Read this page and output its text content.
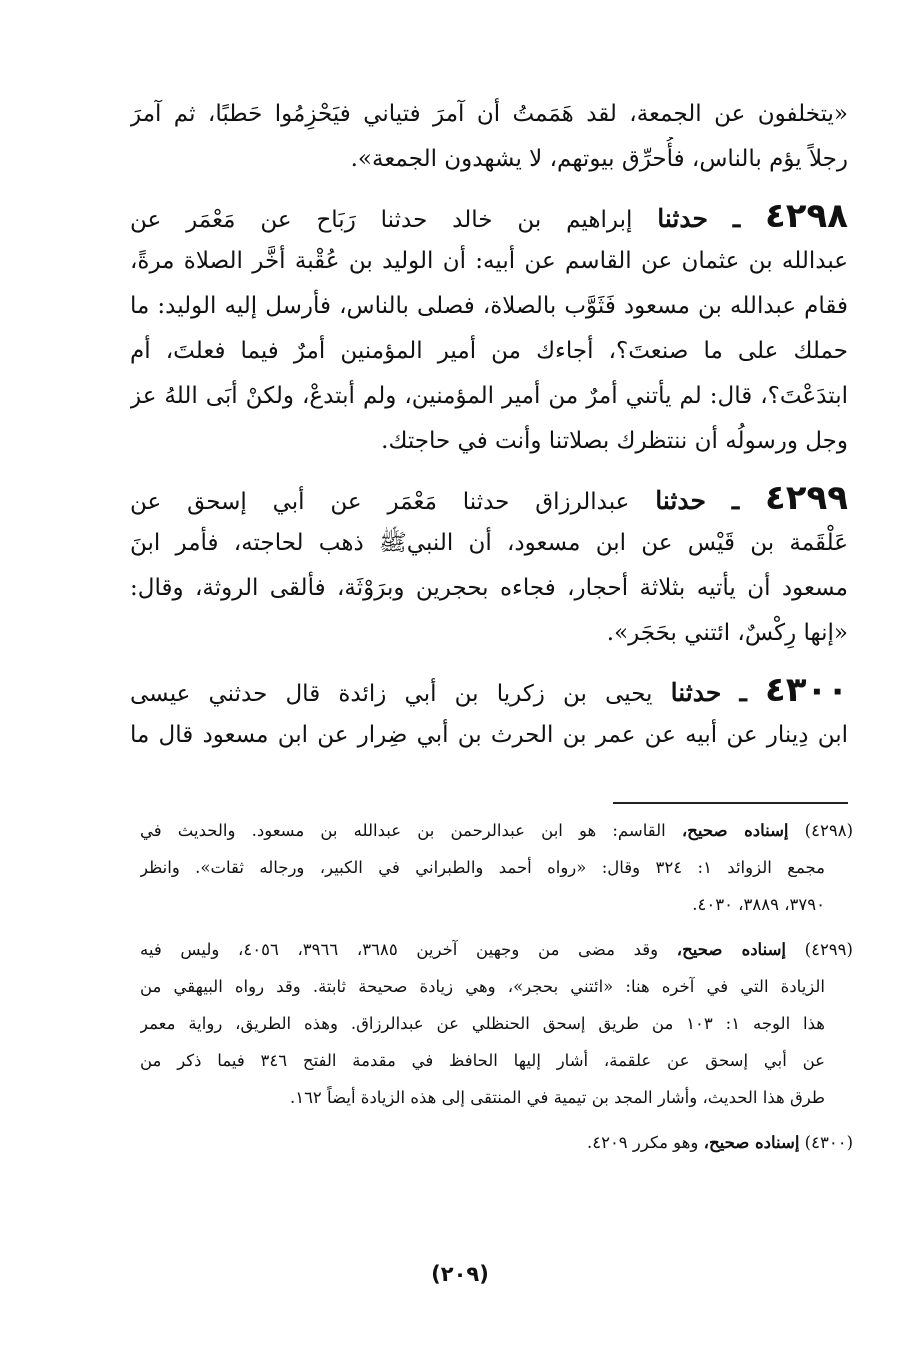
«يتخلفون عن الجمعة، لقد هَمَمتُ أن آمرَ فتياني فيَحْزِمُوا حَطبًا، ثم آمرَ
رجلاً يؤم بالناس، فأُحرِّق بيوتهم، لا يشهدون الجمعة».
٤٢٩٨ ـ حدثنا إبراهيم بن خالد حدثنا رَبَاح عن مَعْمَر عن
عبدالله بن عثمان عن القاسم عن أبيه: أن الوليد بن عُقْبة أخَّر الصلاة مرةً،
فقام عبدالله بن مسعود فَثَوَّب بالصلاة، فصلى بالناس، فأرسل إليه الوليد: ما
حملك على ما صنعتَ؟، أجاءك من أمير المؤمنين أمرٌ فيما فعلتَ، أم
ابتدَعْتَ؟، قال: لم يأتني أمرٌ من أمير المؤمنين، ولم أبتدعْ، ولكنْ أبَى اللهُ عز
وجل ورسولُه أن ننتظرك بصلاتنا وأنت في حاجتك.
٤٢٩٩ ـ حدثنا عبدالرزاق حدثنا مَعْمَر عن أبي إسحق عن
عَلْقَمة بن قَيْس عن ابن مسعود، أن النبيﷺ ذهب لحاجته، فأمر ابنَ
مسعود أن يأتيه بثلاثة أحجار، فجاءه بحجرين وبرَوْثَة، فألقى الروثة، وقال:
«إنها رِكْسٌ، ائتني بحَجَر».
٤٣٠٠ ـ حدثنا يحيى بن زكريا بن أبي زائدة قال حدثني عيسى
ابن دِينار عن أبيه عن عمر بن الحرث بن أبي ضِرار عن ابن مسعود قال ما
(٤٢٩٨) إسناده صحيح، القاسم: هو ابن عبدالرحمن بن عبدالله بن مسعود. والحديث في
مجمع الزوائد ١: ٣٢٤ وقال: «رواه أحمد والطبراني في الكبير، ورجاله ثقات». وانظر
٣٧٩٠، ٣٨٨٩، ٤٠٣٠.
(٤٢٩٩) إسناده صحيح، وقد مضى من وجهين آخرين ٣٦٨٥، ٣٩٦٦، ٤٠٥٦، وليس فيه
الزيادة التي في آخره هنا: «ائتني بحجر»، وهي زيادة صحيحة ثابتة. وقد رواه البيهقي من
هذا الوجه ١: ١٠٣ من طريق إسحق الحنظلي عن عبدالرزاق. وهذه الطريق، رواية معمر
عن أبي إسحق عن علقمة، أشار إليها الحافظ في مقدمة الفتح ٣٤٦ فيما ذكر من
طرق هذا الحديث، وأشار المجد بن تيمية في المنتقى إلى هذه الزيادة أيضاً ١٦٢.
(٤٣٠٠) إسناده صحيح، وهو مكرر ٤٢٠٩.
(٢٠٩)
